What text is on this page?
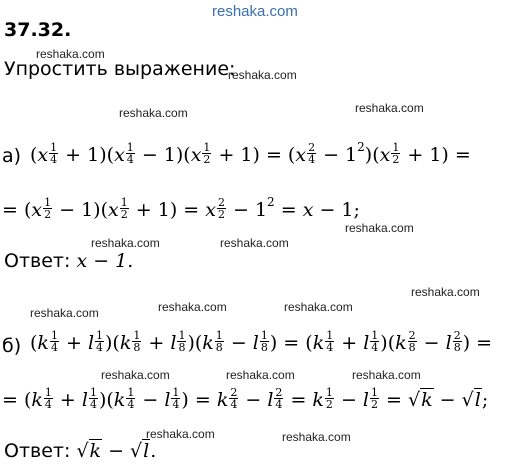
reshaka.com
reshaka.com
reshaka.com
reshaka.com
reshaka.com
reshaka.com
reshaka.com	reshaka.com
reshaka.com
reshaka.com	reshaka.com
reshaka.com
reshaka.com	reshaka.com	reshaka.com
reshaka.com	reshaka.com
37.32.
Упростить выражение:
а) $(x \frac{1}{4} + 1)(x \frac{1}{4} - 1)(x \frac{1}{2} + 1) = (x \frac{2}{4} - 1^2)(x \frac{1}{2} + 1)$ =
= $(x \frac{1}{2} - 1)(x \frac{1}{2} + 1) = x \frac{2}{2} - 1^2 = x - 1$;
Ответ: x − 1.
б) $(k \frac{1}{4} + l \frac{1}{4} )(k \frac{1}{8} + l \frac{1}{8} )(k \frac{1}{8} - l \frac{1}{8}$ ) = $(k \frac{1}{4} + l \frac{1}{4} )(k \frac{2}{8} - l \frac{2}{8}$ ) =
= $(k \frac{1}{4} + l \frac{1}{4} )(k \frac{1}{4} - l \frac{1}{4}$ ) = k $\frac{2}{4} - l \frac{2}{4} = k \frac{1}{2} - l \frac{1}{2} = √k - √l$;
Ответ: √k − √l.
